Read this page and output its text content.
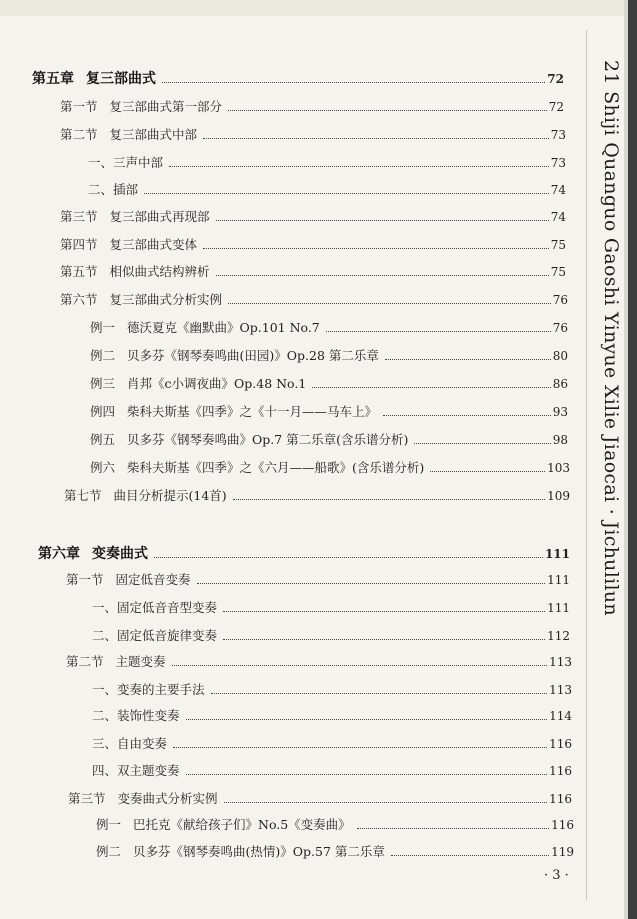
21 Shiji Quanguo Gaoshi Yinyue Xilie Jiaocai · Jichulilun
第五章 复三部曲式	72
第一节 复三部曲式第一部分	72
第二节 复三部曲式中部	73
一、三声中部	73
二、插部	74
第三节 复三部曲式再现部	74
第四节 复三部曲式变体	75
第五节 相似曲式结构辨析	75
第六节 复三部曲式分析实例	76
例一 德沃夏克《幽默曲》Op.101 No.7	76
例二 贝多芬《钢琴奏鸣曲(田园)》Op.28 第二乐章	80
例三 肖邦《c小调夜曲》Op.48 No.1	86
例四 柴科夫斯基《四季》之《十一月——马车上》	93
例五 贝多芬《钢琴奏鸣曲》Op.7 第二乐章(含乐谱分析)	98
例六 柴科夫斯基《四季》之《六月——船歌》(含乐谱分析)	103
第七节 曲目分析提示(14首)	109
第六章 变奏曲式	111
第一节 固定低音变奏	111
一、固定低音音型变奏	111
二、固定低音旋律变奏	112
第二节 主题变奏	113
一、变奏的主要手法	113
二、装饰性变奏	114
三、自由变奏	116
四、双主题变奏	116
第三节 变奏曲式分析实例	116
例一 巴托克《献给孩子们》No.5《变奏曲》	116
例二 贝多芬《钢琴奏鸣曲(热情)》Op.57 第二乐章	119
· 3 ·
